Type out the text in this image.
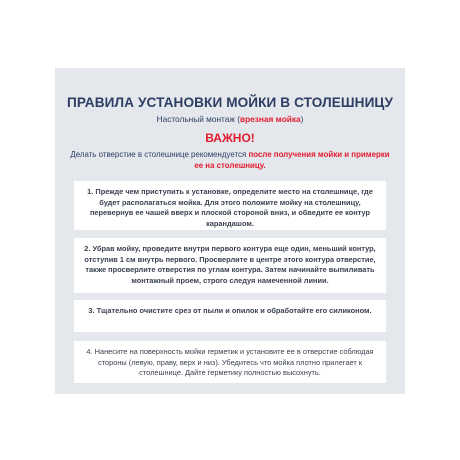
ПРАВИЛА УСТАНОВКИ МОЙКИ В СТОЛЕШНИЦУ
Настольный монтаж (врезная мойка)
ВАЖНО!
Делать отверстие в столешнице рекомендуется после получения мойки и примерки ее на столешницу.
1. Прежде чем приступить к установке, определите место на столешнице, где будет располагаться мойка. Для этого положите мойку на столешницу, перевернув ее чашей вверх и плоской стороной вниз, и обведите ее контур карандашом.
2. Убрав мойку, проведите внутри первого контура еще один, меньший контур, отступив 1 см внутрь первого. Просверлите в центре этого контура отверстие, также просверлите отверстия по углам контура. Затем начинайте выпиливать монтажный проем, строго следуя намеченной линии.
3. Тщательно очистите срез от пыли и опилок и обработайте его силиконом.
4. Нанесите на поверхность мойки герметик и установите ее в отверстие соблюдая стороны (левую, праву, верх и низ). Убедитесь что мойка плотно прилегает к столешнице. Дайте герметику полностью высохнуть.
